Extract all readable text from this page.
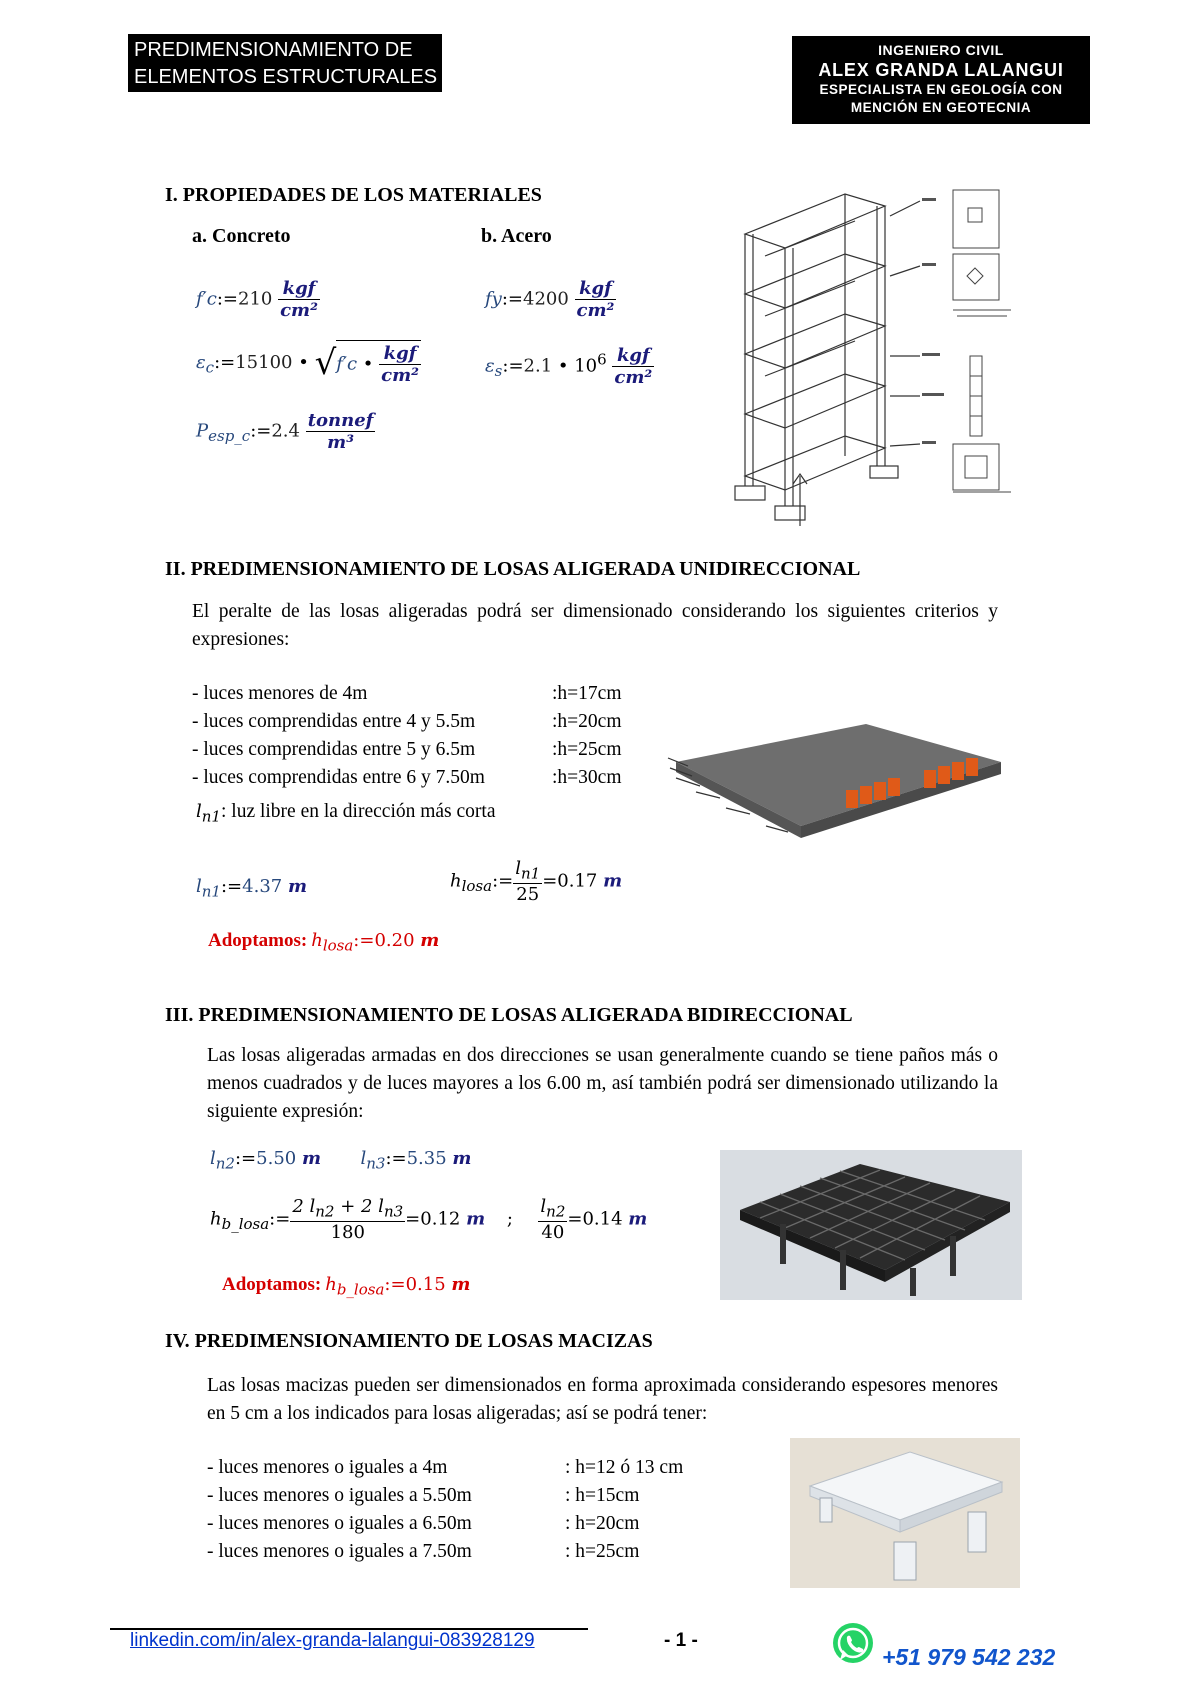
PREDIMENSIONAMIENTO DE
ELEMENTOS ESTRUCTURALES
INGENIERO CIVIL
ALEX GRANDA LALANGUI
ESPECIALISTA EN GEOLOGÍA CON
MENCIÓN EN GEOTECNIA
I. PROPIEDADES DE LOS MATERIALES
a. Concreto	b. Acero
f′c:=210 $\frac{\text{kgf}}{\text{cm²}}$
$\varepsilon_c:=15100$ • √f′c • $\frac{\text{kgf}}{\text{cm²}}$
$P_{esp\_c}:=2.4 \frac{\text{tonnef}}{\text{m³}}$
fy:=4200 $\frac{\text{kgf}}{\text{cm²}}$
$\varepsilon_s:=2.1$ • $10^6 \frac{\text{kgf}}{\text{cm²}}$
II. PREDIMENSIONAMIENTO DE LOSAS ALIGERADA UNIDIRECCIONAL
El peralte de las losas aligeradas podrá ser dimensionado considerando los siguientes criterios y expresiones:
- luces menores de 4m	:h=17cm
- luces comprendidas entre 4 y 5.5m	:h=20cm
- luces comprendidas entre 5 y 6.5m	:h=25cm
- luces comprendidas entre 6 y 7.50m	:h=30cm
$l_{n1}$: luz libre en la dirección más corta
$l_{n1}:=4.37$ m	$h_{losa}:= \frac{l_{n1}}{25} =0.17$ m
Adoptamos: $h_{losa}:=0.20$ m
III. PREDIMENSIONAMIENTO DE LOSAS ALIGERADA BIDIRECCIONAL
Las losas aligeradas armadas en dos direcciones se usan generalmente cuando se tiene paños más o menos cuadrados y de luces mayores a los 6.00 m, así también podrá ser dimensionado utilizando la siguiente expresión:
$l_{n2}:=5.50$ m $l_{n3}:=5.35$ m
$h_{b\_losa}:= \frac{2 l_{n2} + 2 l_{n3}}{180} =0.12$ m ; $\frac{l_{n2}}{40} =0.14$ m
Adoptamos: $h_{b\_losa}:=0.15$ m
IV. PREDIMENSIONAMIENTO DE LOSAS MACIZAS
Las losas macizas pueden ser dimensionados en forma aproximada considerando espesores menores en 5 cm a los indicados para losas aligeradas; así se podrá tener:
- luces menores o iguales a 4m	: h=12 ó 13 cm
- luces menores o iguales a 5.50m	: h=15cm
- luces menores o iguales a 6.50m	: h=20cm
- luces menores o iguales a 7.50m	: h=25cm
linkedin.com/in/alex-granda-lalangui-083928129	- 1 -
+51 979 542 232
